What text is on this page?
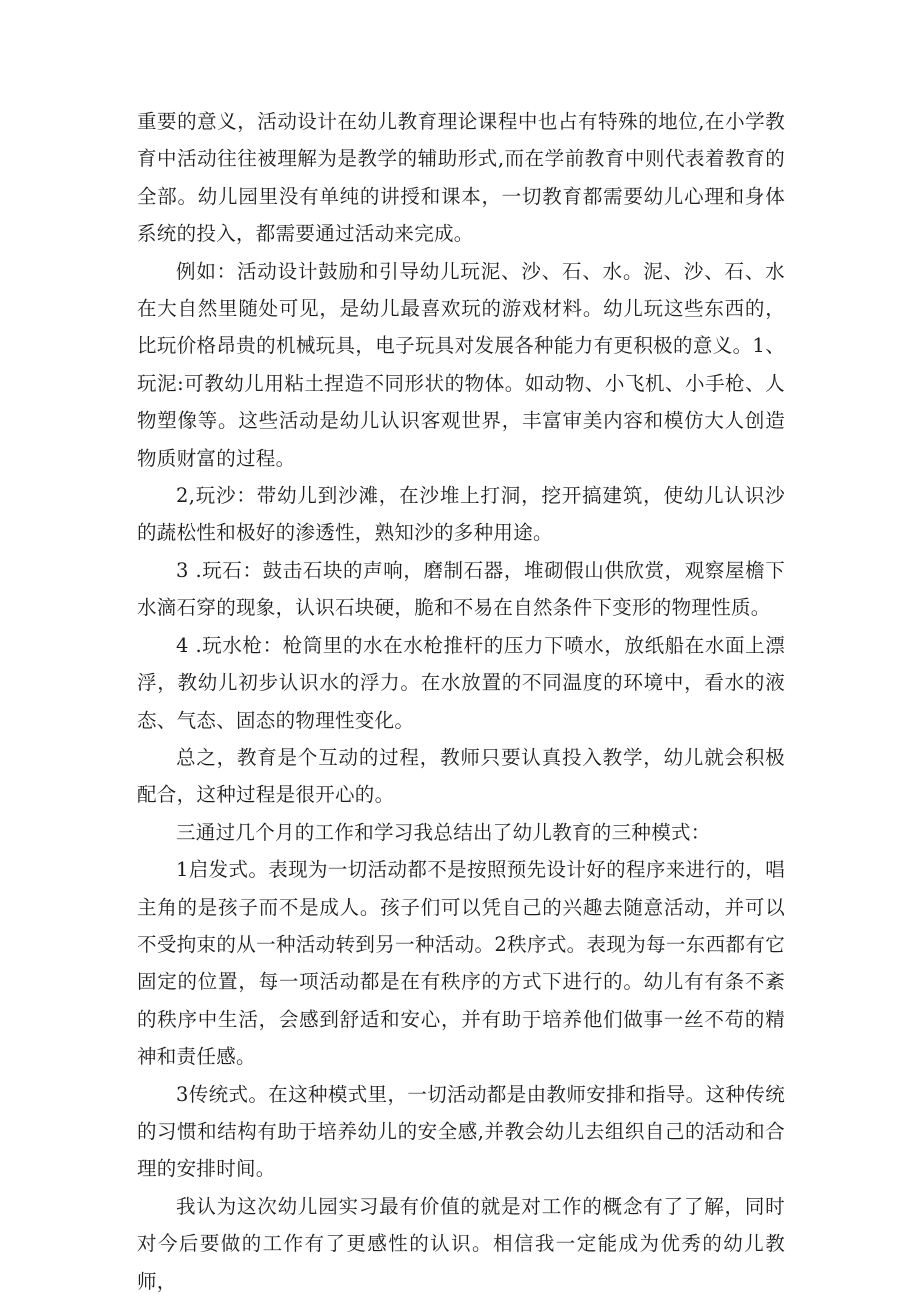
重要的意义，活动设计在幼儿教育理论课程中也占有特殊的地位,在小学教育中活动往往被理解为是教学的辅助形式,而在学前教育中则代表着教育的全部。幼儿园里没有单纯的讲授和课本，一切教育都需要幼儿心理和身体系统的投入，都需要通过活动来完成。

例如：活动设计鼓励和引导幼儿玩泥、沙、石、水。泥、沙、石、水在大自然里随处可见，是幼儿最喜欢玩的游戏材料。幼儿玩这些东西的，比玩价格昂贵的机械玩具，电子玩具对发展各种能力有更积极的意义。1、玩泥:可教幼儿用粘土捏造不同形状的物体。如动物、小飞机、小手枪、人物塑像等。这些活动是幼儿认识客观世界，丰富审美内容和模仿大人创造物质财富的过程。

2,玩沙：带幼儿到沙滩，在沙堆上打洞，挖开搞建筑，使幼儿认识沙的蔬松性和极好的渗透性，熟知沙的多种用途。

3 .玩石：鼓击石块的声响，磨制石器，堆砌假山供欣赏，观察屋檐下水滴石穿的现象，认识石块硬，脆和不易在自然条件下变形的物理性质。

4 .玩水枪：枪筒里的水在水枪推杆的压力下喷水，放纸船在水面上漂浮，教幼儿初步认识水的浮力。在水放置的不同温度的环境中，看水的液态、气态、固态的物理性变化。

总之，教育是个互动的过程，教师只要认真投入教学，幼儿就会积极配合，这种过程是很开心的。

三通过几个月的工作和学习我总结出了幼儿教育的三种模式：

1启发式。表现为一切活动都不是按照预先设计好的程序来进行的，唱主角的是孩子而不是成人。孩子们可以凭自己的兴趣去随意活动，并可以不受拘束的从一种活动转到另一种活动。2秩序式。表现为每一东西都有它固定的位置，每一项活动都是在有秩序的方式下进行的。幼儿有有条不紊的秩序中生活，会感到舒适和安心，并有助于培养他们做事一丝不苟的精神和责任感。

3传统式。在这种模式里，一切活动都是由教师安排和指导。这种传统的习惯和结构有助于培养幼儿的安全感,并教会幼儿去组织自己的活动和合理的安排时间。

我认为这次幼儿园实习最有价值的就是对工作的概念有了了解，同时对今后要做的工作有了更感性的认识。相信我一定能成为优秀的幼儿教师，
